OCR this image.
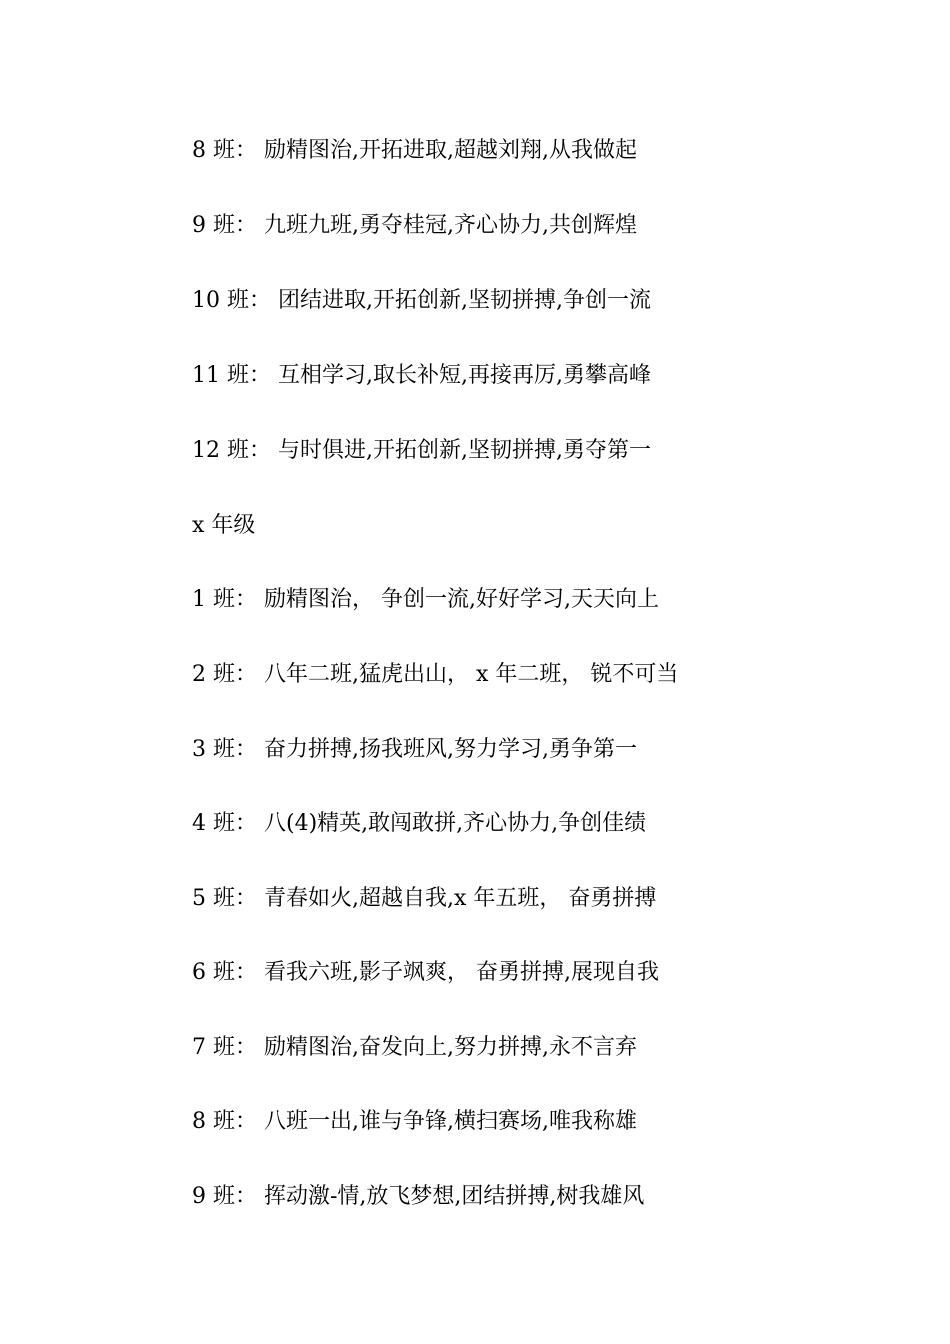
8 班： 励精图治,开拓进取,超越刘翔,从我做起
9 班： 九班九班,勇夺桂冠,齐心协力,共创辉煌
10 班： 团结进取,开拓创新,坚韧拼搏,争创一流
11 班： 互相学习,取长补短,再接再厉,勇攀高峰
12 班： 与时俱进,开拓创新,坚韧拼搏,勇夺第一
x 年级
1 班： 励精图治， 争创一流,好好学习,天天向上
2 班： 八年二班,猛虎出山， x 年二班， 锐不可当
3 班： 奋力拼搏,扬我班风,努力学习,勇争第一
4 班： 八(4)精英,敢闯敢拼,齐心协力,争创佳绩
5 班： 青春如火,超越自我,x 年五班， 奋勇拼搏
6 班： 看我六班,影子飒爽， 奋勇拼搏,展现自我
7 班： 励精图治,奋发向上,努力拼搏,永不言弃
8 班： 八班一出,谁与争锋,横扫赛场,唯我称雄
9 班： 挥动激-情,放飞梦想,团结拼搏,树我雄风
